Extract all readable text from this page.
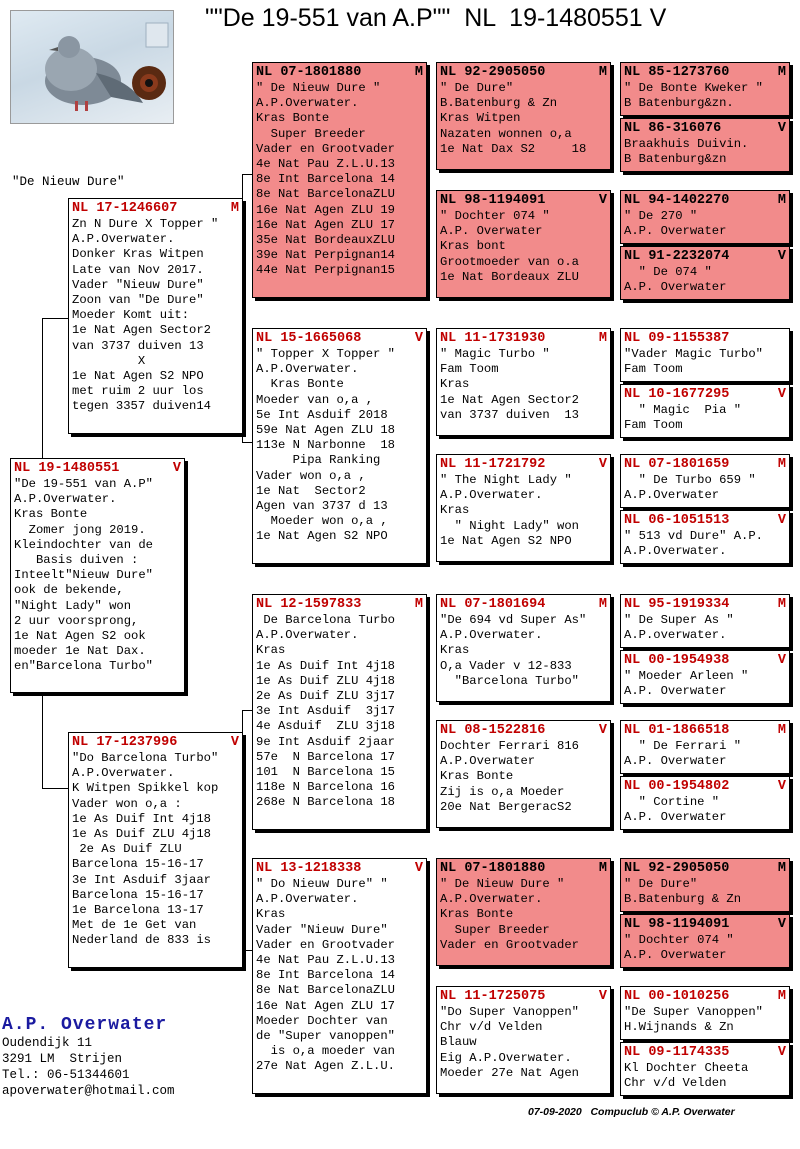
""De 19-551 van A.P""  NL  19-1480551 V
"De Nieuw Dure"
NL 19-1480551	V
"De 19-551 van A.P"
A.P.Overwater.
Kras Bonte
Zomer jong 2019.
Kleindochter van de
Basis duiven :
Inteelt"Nieuw Dure"
ook de bekende,
"Night Lady" won
2 uur voorsprong,
1e Nat Agen S2 ook
moeder 1e Nat Dax.
en"Barcelona Turbo"
NL 17-1246607	M
Zn N Dure X Topper "
A.P.Overwater.
Donker Kras Witpen
Late van Nov 2017.
Vader "Nieuw Dure"
Zoon van "De Dure"
Moeder Komt uit:
1e Nat Agen Sector2
van 3737 duiven 13
X
1e Nat Agen S2 NPO
met ruim 2 uur los
tegen 3357 duiven14
NL 17-1237996	V
"Do Barcelona Turbo"
A.P.Overwater.
K Witpen Spikkel kop
Vader won o,a :
1e As Duif Int 4j18
1e As Duif ZLU 4j18
2e As Duif ZLU
Barcelona 15-16-17
3e Int Asduif 3jaar
Barcelona 15-16-17
1e Barcelona 13-17
Met de 1e Get van
Nederland de 833 is
NL 07-1801880	M
" De Nieuw Dure "
A.P.Overwater.
Kras Bonte
Super Breeder
Vader en Grootvader
4e Nat Pau Z.L.U.13
8e Int Barcelona 14
8e Nat BarcelonaZLU
16e Nat Agen ZLU 19
16e Nat Agen ZLU 17
35e Nat BordeauxZLU
39e Nat Perpignan14
44e Nat Perpignan15
NL 15-1665068	V
" Topper X Topper "
A.P.Overwater.
Kras Bonte
Moeder van o,a ,
5e Int Asduif 2018
59e Nat Agen ZLU 18
113e N Narbonne  18
Pipa Ranking
Vader won o,a ,
1e Nat  Sector2
Agen van 3737 d 13
Moeder won o,a ,
1e Nat Agen S2 NPO
NL 12-1597833	M
De Barcelona Turbo
A.P.Overwater.
Kras
1e As Duif Int 4j18
1e As Duif ZLU 4j18
2e As Duif ZLU 3j17
3e Int Asduif  3j17
4e Asduif  ZLU 3j18
9e Int Asduif 2jaar
57e  N Barcelona 17
101  N Barcelona 15
118e N Barcelona 16
268e N Barcelona 18
NL 13-1218338	V
" Do Nieuw Dure" "
A.P.Overwater.
Kras
Vader "Nieuw Dure"
Vader en Grootvader
4e Nat Pau Z.L.U.13
8e Int Barcelona 14
8e Nat BarcelonaZLU
16e Nat Agen ZLU 17
Moeder Dochter van
de "Super vanoppen"
is o,a moeder van
27e Nat Agen Z.L.U.
NL 92-2905050	M
" De Dure"
B.Batenburg & Zn
Kras Witpen
Nazaten wonnen o,a
1e Nat Dax S2     18
NL 98-1194091	V
" Dochter 074 "
A.P. Overwater
Kras bont
Grootmoeder van o.a
1e Nat Bordeaux ZLU
NL 11-1731930	M
" Magic Turbo "
Fam Toom
Kras
1e Nat Agen Sector2
van 3737 duiven  13
NL 11-1721792	V
" The Night Lady "
A.P.Overwater.
Kras
" Night Lady" won
1e Nat Agen S2 NPO
NL 07-1801694	M
"De 694 vd Super As"
A.P.Overwater.
Kras
O,a Vader v 12-833
"Barcelona Turbo"
NL 08-1522816	V
Dochter Ferrari 816
A.P.Overwater
Kras Bonte
Zij is o,a Moeder
20e Nat BergeracS2
NL 07-1801880	M
" De Nieuw Dure "
A.P.Overwater.
Kras Bonte
Super Breeder
Vader en Grootvader
NL 11-1725075	V
"Do Super Vanoppen"
Chr v/d Velden
Blauw
Eig A.P.Overwater.
Moeder 27e Nat Agen
NL 85-1273760	M
" De Bonte Kweker "
B Batenburg&zn.
NL 86-316076	V
Braakhuis Duivin.
B Batenburg&zn
NL 94-1402270	M
" De 270 "
A.P. Overwater
NL 91-2232074	V
" De 074 "
A.P. Overwater
NL 09-1155387
"Vader Magic Turbo"
Fam Toom
NL 10-1677295	V
" Magic  Pia "
Fam Toom
NL 07-1801659	M
" De Turbo 659 "
A.P.Overwater
NL 06-1051513	V
" 513 vd Dure" A.P.
A.P.Overwater.
NL 95-1919334	M
" De Super As "
A.P.overwater.
NL 00-1954938	V
" Moeder Arleen "
A.P. Overwater
NL 01-1866518	M
" De Ferrari "
A.P. Overwater
NL 00-1954802	V
" Cortine "
A.P. Overwater
NL 92-2905050	M
" De Dure"
B.Batenburg & Zn
NL 98-1194091	V
" Dochter 074 "
A.P. Overwater
NL 00-1010256	M
"De Super Vanoppen"
H.Wijnands & Zn
NL 09-1174335	V
Kl Dochter Cheeta
Chr v/d Velden
A.P. Overwater
Oudendijk 11
3291 LM  Strijen
Tel.: 06-51344601
apoverwater@hotmail.com
07-09-2020   Compuclub © A.P. Overwater
